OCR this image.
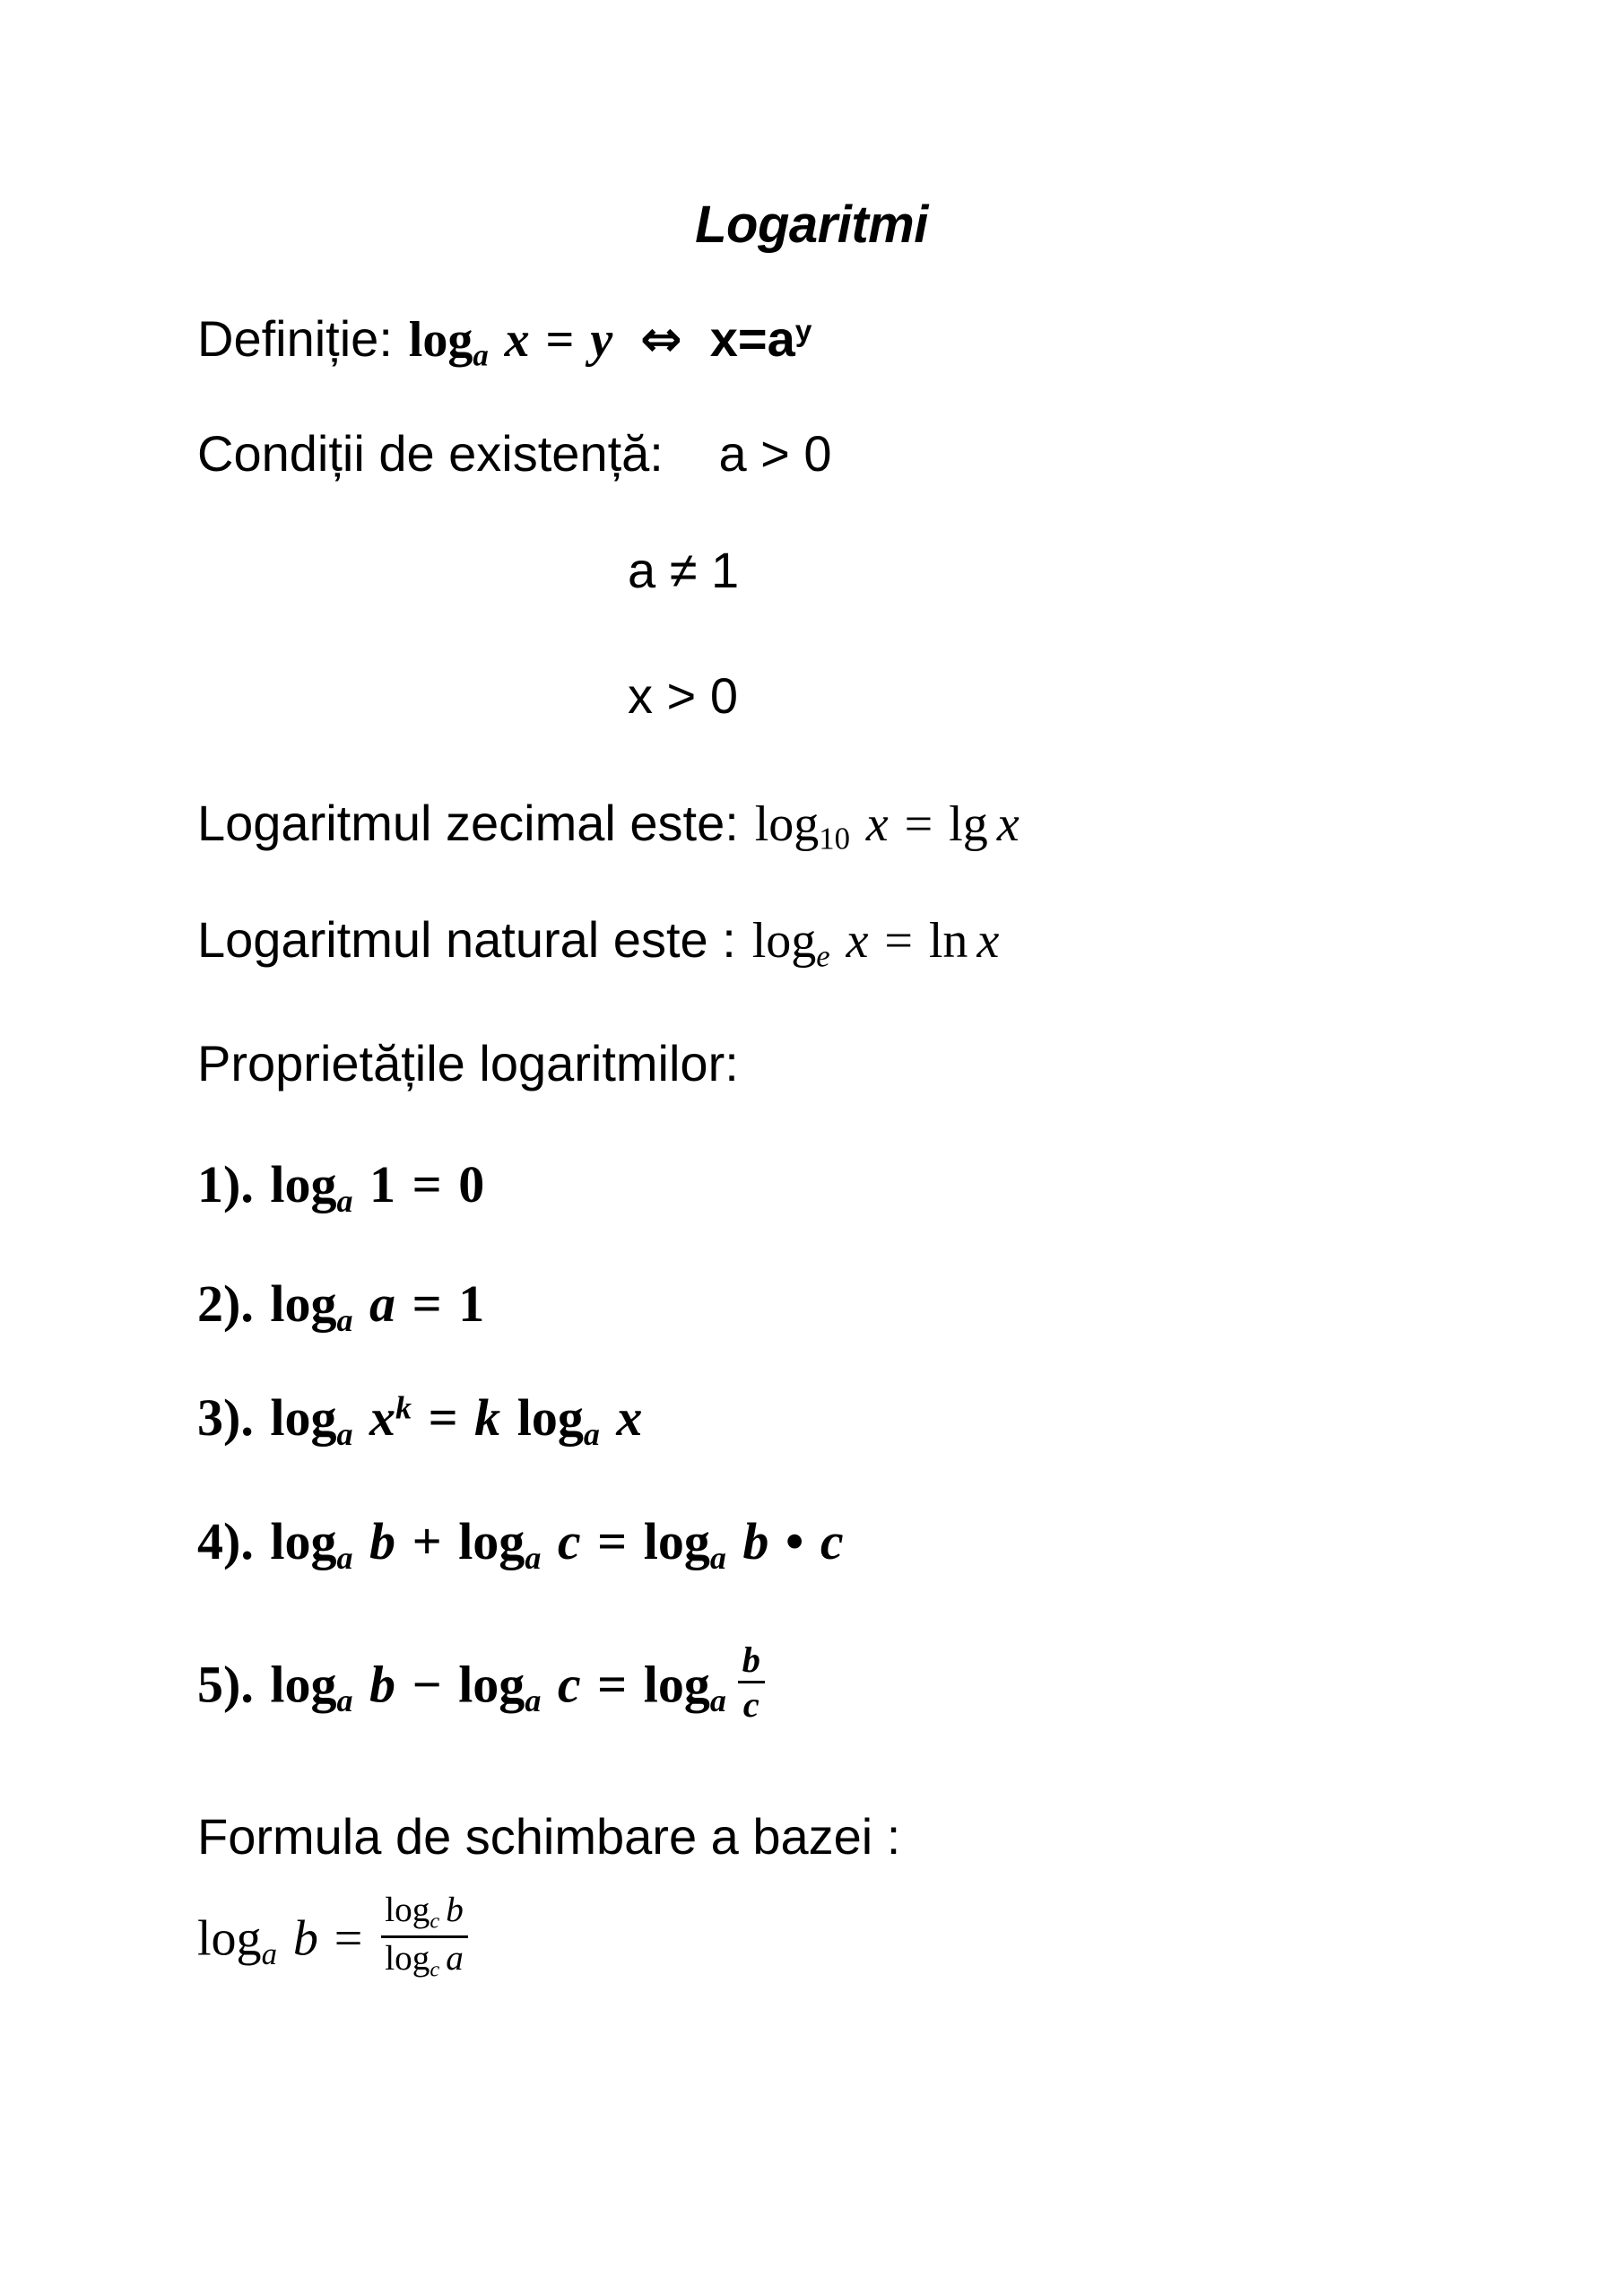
Logaritmi
Definiție: $\log_a x = y$ ⇔ $x=a^y$
Condiții de existență: a > 0
a ≠ 1
x > 0
Logaritmul zecimal este: log10 x = lg x
Logaritmul natural este : $\log_e x = \ln x$
Proprietățile logaritmilor:
1). $\log_a 1 = 0$
2). $\log_a a = 1$
3). $\log_a x^k = k$ $\log_a x$
4). $\log_a b + \log_a c = \log_a b$ • c
5). $\log_a b - \log_a c = \log_a \frac{b}{c}$
Formula de schimbare a bazei :
$\log_a b = \frac{\log_c b}{\log_c a}$
